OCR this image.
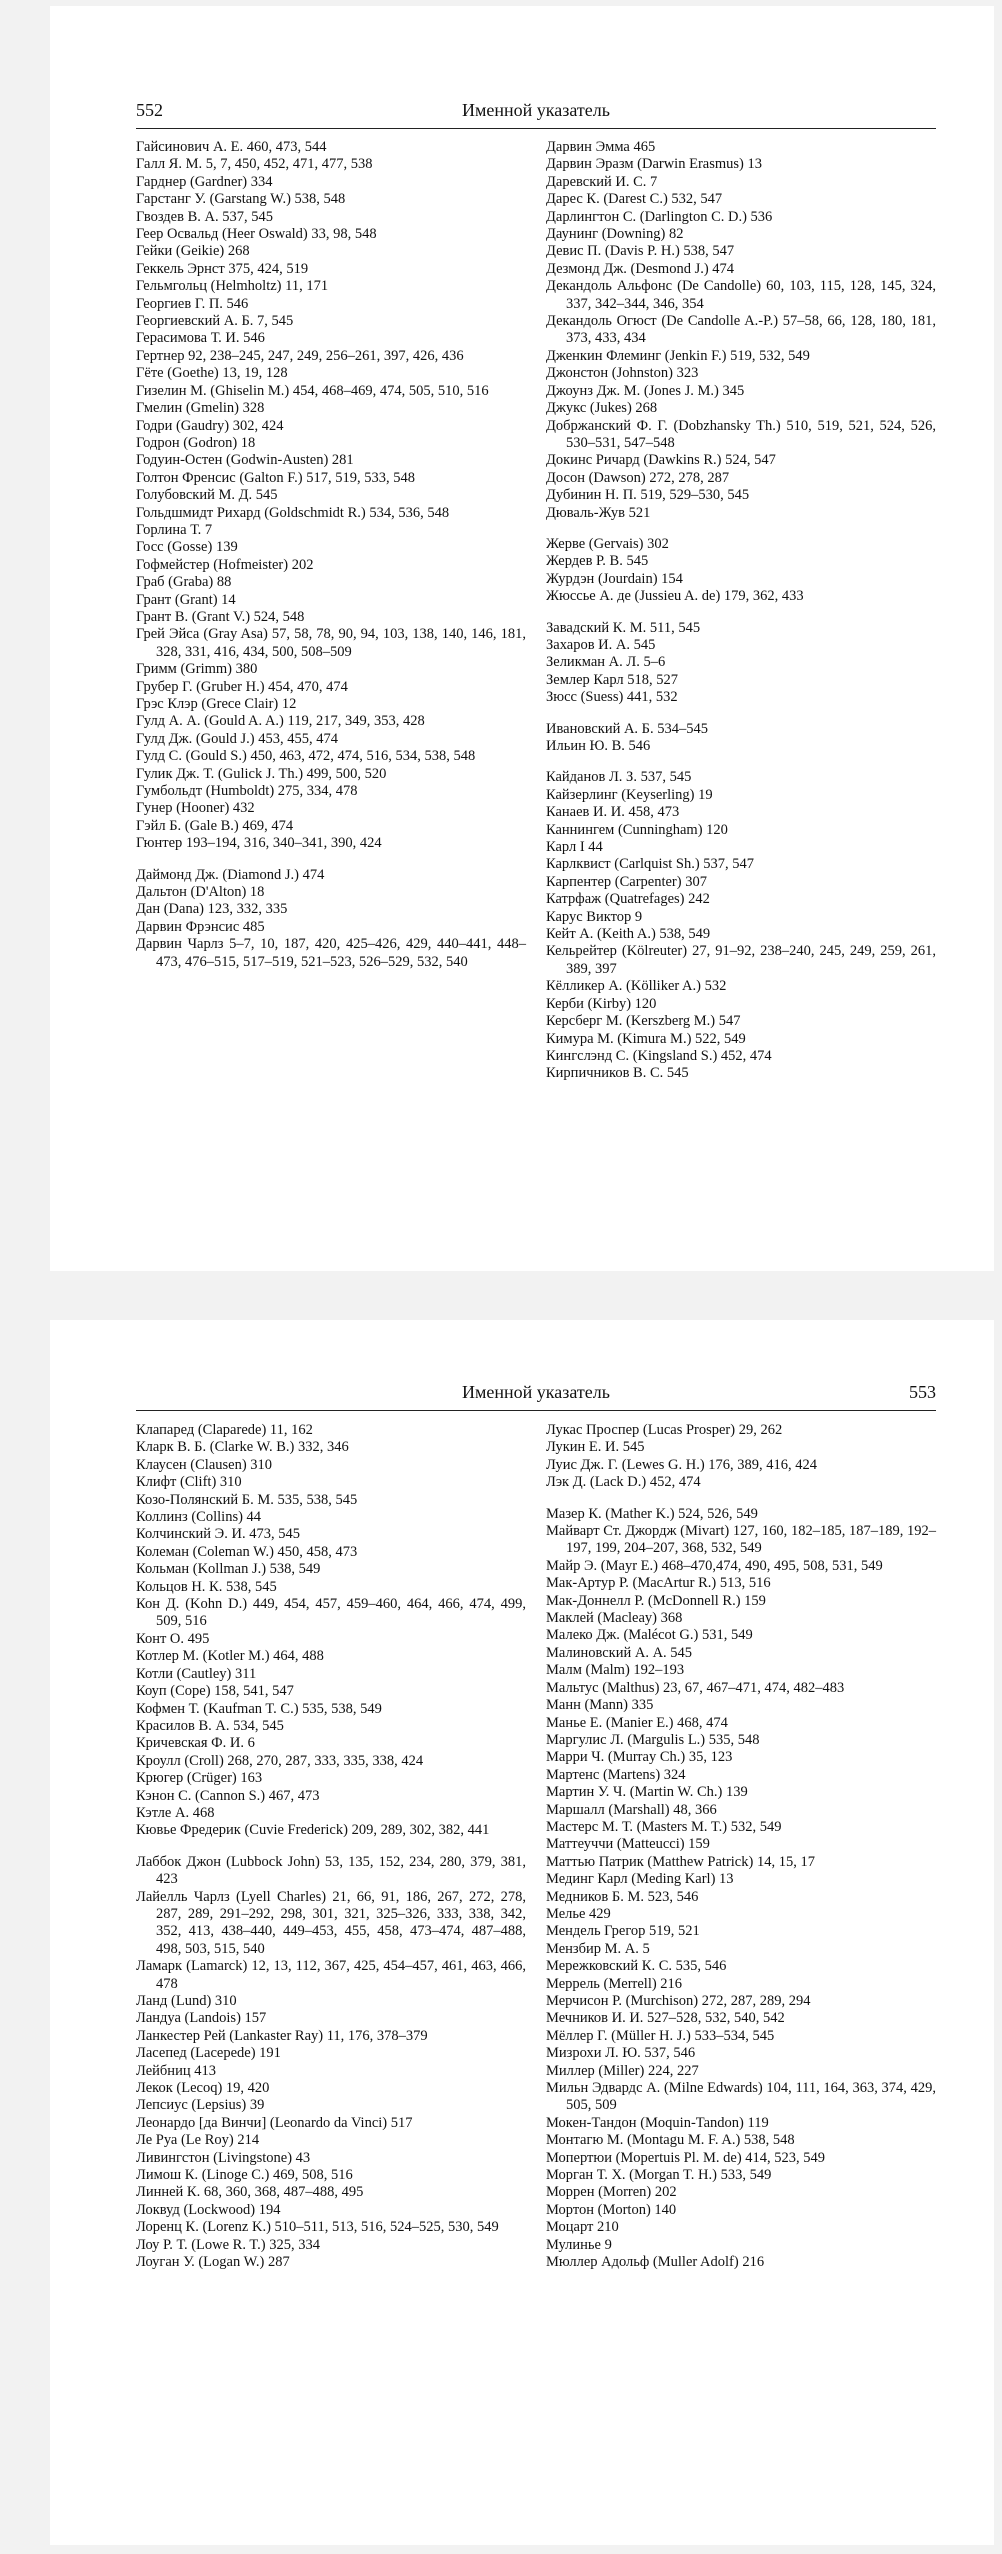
552	Именной указатель
Гайсинович А. Е. 460, 473, 544
Галл Я. М. 5, 7, 450, 452, 471, 477, 538
Гарднер (Gardner) 334
Гарстанг У. (Garstang W.) 538, 548
Гвоздев В. А. 537, 545
Геер Освальд (Heer Oswald) 33, 98, 548
Гейки (Geikie) 268
Геккель Эрнст 375, 424, 519
Гельмгольц (Helmholtz) 11, 171
Георгиев Г. П. 546
Георгиевский А. Б. 7, 545
Герасимова Т. И. 546
Гертнер 92, 238–245, 247, 249, 256–261, 397, 426, 436
Гёте (Goethe) 13, 19, 128
Гизелин М. (Ghiselin M.) 454, 468–469, 474, 505, 510, 516
Гмелин (Gmelin) 328
Годри (Gaudry) 302, 424
Годрон (Godron) 18
Годуин-Остен (Godwin-Austen) 281
Голтон Френсис (Galton F.) 517, 519, 533, 548
Голубовский М. Д. 545
Гольдшмидт Рихард (Goldschmidt R.) 534, 536, 548
Горлина Т. 7
Госс (Gosse) 139
Гофмейстер (Hofmeister) 202
Граб (Graba) 88
Грант (Grant) 14
Грант В. (Grant V.) 524, 548
Грей Эйса (Gray Asa) 57, 58, 78, 90, 94, 103, 138, 140, 146, 181, 328, 331, 416, 434, 500, 508–509
Гримм (Grimm) 380
Грубер Г. (Gruber H.) 454, 470, 474
Грэс Клэр (Grece Clair) 12
Гулд А. А. (Gould A. A.) 119, 217, 349, 353, 428
Гулд Дж. (Gould J.) 453, 455, 474
Гулд С. (Gould S.) 450, 463, 472, 474, 516, 534, 538, 548
Гулик Дж. Т. (Gulick J. Th.) 499, 500, 520
Гумбольдт (Humboldt) 275, 334, 478
Гунер (Hooner) 432
Гэйл Б. (Gale B.) 469, 474
Гюнтер 193–194, 316, 340–341, 390, 424
Даймонд Дж. (Diamond J.) 474
Дальтон (D'Alton) 18
Дан (Dana) 123, 332, 335
Дарвин Фрэнсис 485
Дарвин Чарлз 5–7, 10, 187, 420, 425–426, 429, 440–441, 448–473, 476–515, 517–519, 521–523, 526–529, 532, 540
Дарвин Эмма 465
Дарвин Эразм (Darwin Erasmus) 13
Даревский И. С. 7
Дарес К. (Darest C.) 532, 547
Дарлингтон С. (Darlington C. D.) 536
Даунинг (Downing) 82
Девис П. (Davis P. H.) 538, 547
Дезмонд Дж. (Desmond J.) 474
Декандоль Альфонс (De Candolle) 60, 103, 115, 128, 145, 324, 337, 342–344, 346, 354
Декандоль Огюст (De Candolle A.-P.) 57–58, 66, 128, 180, 181, 373, 433, 434
Дженкин Флеминг (Jenkin F.) 519, 532, 549
Джонстон (Johnston) 323
Джоунз Дж. М. (Jones J. M.) 345
Джукс (Jukes) 268
Добржанский Ф. Г. (Dobzhansky Th.) 510, 519, 521, 524, 526, 530–531, 547–548
Докинс Ричард (Dawkins R.) 524, 547
Досон (Dawson) 272, 278, 287
Дубинин Н. П. 519, 529–530, 545
Дюваль-Жув 521
Жерве (Gervais) 302
Жердев Р. В. 545
Журдэн (Jourdain) 154
Жюссье А. де (Jussieu A. de) 179, 362, 433
Завадский К. М. 511, 545
Захаров И. А. 545
Зеликман А. Л. 5–6
Землер Карл 518, 527
Зюсс (Suess) 441, 532
Ивановский А. Б. 534–545
Ильин Ю. В. 546
Кайданов Л. З. 537, 545
Кайзерлинг (Keyserling) 19
Канаев И. И. 458, 473
Каннингем (Cunningham) 120
Карл I 44
Карлквист (Carlquist Sh.) 537, 547
Карпентер (Carpenter) 307
Катрфаж (Quatrefages) 242
Карус Виктор 9
Кейт А. (Keith A.) 538, 549
Кельрейтер (Kölreuter) 27, 91–92, 238–240, 245, 249, 259, 261, 389, 397
Кёлликер А. (Kölliker A.) 532
Керби (Kirby) 120
Керсберг М. (Kerszberg M.) 547
Кимура М. (Kimura M.) 522, 549
Кингслэнд С. (Kingsland S.) 452, 474
Кирпичников В. С. 545
Именной указатель	553
Клапаред (Claparede) 11, 162
Кларк В. Б. (Clarke W. B.) 332, 346
Клаусен (Clausen) 310
Клифт (Clift) 310
Козо-Полянский Б. М. 535, 538, 545
Коллинз (Collins) 44
Колчинский Э. И. 473, 545
Колеман (Coleman W.) 450, 458, 473
Кольман (Kollman J.) 538, 549
Кольцов Н. К. 538, 545
Кон Д. (Kohn D.) 449, 454, 457, 459–460, 464, 466, 474, 499, 509, 516
Конт О. 495
Котлер М. (Kotler M.) 464, 488
Котли (Cautley) 311
Коуп (Cope) 158, 541, 547
Кофмен Т. (Kaufman T. C.) 535, 538, 549
Красилов В. А. 534, 545
Кричевская Ф. И. 6
Кроулл (Croll) 268, 270, 287, 333, 335, 338, 424
Крюгер (Crüger) 163
Кэнон С. (Cannon S.) 467, 473
Кэтле А. 468
Кювье Фредерик (Cuvie Frederick) 209, 289, 302, 382, 441
Лаббок Джон (Lubbock John) 53, 135, 152, 234, 280, 379, 381, 423
Лайелль Чарлз (Lyell Charles) 21, 66, 91, 186, 267, 272, 278, 287, 289, 291–292, 298, 301, 321, 325–326, 333, 338, 342, 352, 413, 438–440, 449–453, 455, 458, 473–474, 487–488, 498, 503, 515, 540
Ламарк (Lamarck) 12, 13, 112, 367, 425, 454–457, 461, 463, 466, 478
Ланд (Lund) 310
Ландуа (Landois) 157
Ланкестер Рей (Lankaster Ray) 11, 176, 378–379
Ласепед (Lacepede) 191
Лейбниц 413
Лекок (Lecoq) 19, 420
Лепсиус (Lepsius) 39
Леонардо [да Винчи] (Leonardo da Vinci) 517
Ле Руа (Le Roy) 214
Ливингстон (Livingstone) 43
Лимош К. (Linoge C.) 469, 508, 516
Линней К. 68, 360, 368, 487–488, 495
Локвуд (Lockwood) 194
Лоренц К. (Lorenz K.) 510–511, 513, 516, 524–525, 530, 549
Лоу Р. Т. (Lowe R. T.) 325, 334
Лоуган У. (Logan W.) 287
Лукас Проспер (Lucas Prosper) 29, 262
Лукин Е. И. 545
Луис Дж. Г. (Lewes G. H.) 176, 389, 416, 424
Лэк Д. (Lack D.) 452, 474
Мазер К. (Mather K.) 524, 526, 549
Майварт Ст. Джордж (Mivart) 127, 160, 182–185, 187–189, 192–197, 199, 204–207, 368, 532, 549
Майр Э. (Mayr E.) 468–470,474, 490, 495, 508, 531, 549
Мак-Артур Р. (MacArtur R.) 513, 516
Мак-Доннелл Р. (McDonnell R.) 159
Маклей (Macleay) 368
Малеко Дж. (Malécot G.) 531, 549
Малиновский А. А. 545
Малм (Malm) 192–193
Мальтус (Malthus) 23, 67, 467–471, 474, 482–483
Манн (Mann) 335
Манье Е. (Manier E.) 468, 474
Маргулис Л. (Margulis L.) 535, 548
Марри Ч. (Murray Ch.) 35, 123
Мартенс (Martens) 324
Мартин У. Ч. (Martin W. Ch.) 139
Маршалл (Marshall) 48, 366
Мастерс М. Т. (Masters M. T.) 532, 549
Маттеуччи (Matteucci) 159
Маттью Патрик (Matthew Patrick) 14, 15, 17
Мединг Карл (Meding Karl) 13
Медников Б. М. 523, 546
Мелье 429
Мендель Грегор 519, 521
Мензбир М. А. 5
Мережковский К. С. 535, 546
Меррель (Merrell) 216
Мерчисон Р. (Murchison) 272, 287, 289, 294
Мечников И. И. 527–528, 532, 540, 542
Мёллер Г. (Müller H. J.) 533–534, 545
Мизрохи Л. Ю. 537, 546
Миллер (Miller) 224, 227
Мильн Эдвардс А. (Milne Edwards) 104, 111, 164, 363, 374, 429, 505, 509
Мокен-Тандон (Moquin-Tandon) 119
Монтагю М. (Montagu M. F. A.) 538, 548
Мопертюи (Mopertuis Pl. M. de) 414, 523, 549
Морган Т. Х. (Morgan T. H.) 533, 549
Моррен (Morren) 202
Мортон (Morton) 140
Моцарт 210
Мулинье 9
Мюллер Адольф (Muller Adolf) 216
